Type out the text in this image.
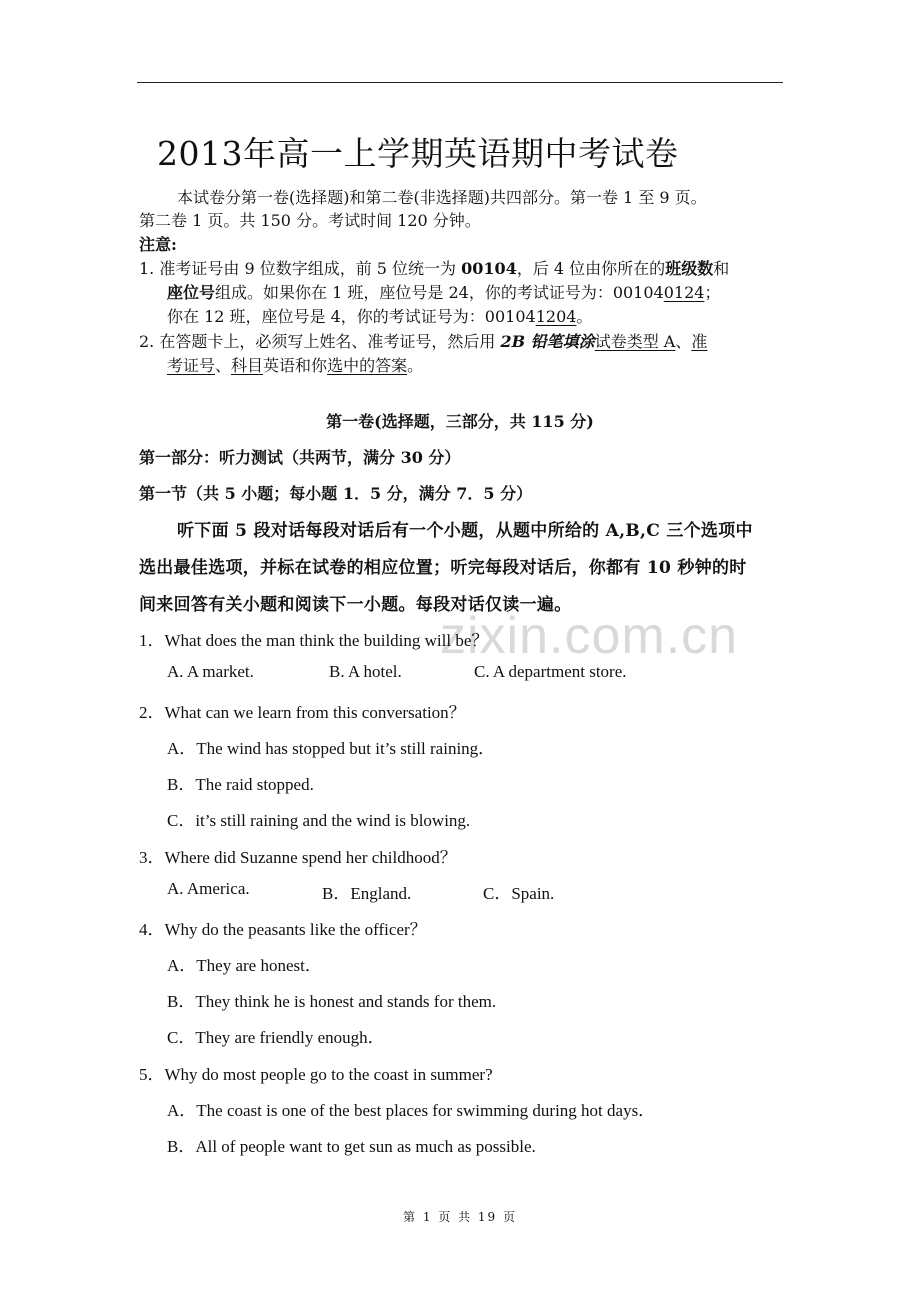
zixin.com.cn
2013年高一上学期英语期中考试卷
本试卷分第一卷(选择题)和第二卷(非选择题)共四部分。第一卷 1 至 9 页。
第二卷 1 页。共 150 分。考试时间 120 分钟。
注意:
1. 准考证号由 9 位数字组成，前 5 位统一为 00104，后 4 位由你所在的班级数和
座位号组成。如果你在 1 班，座位号是 24，你的考试证号为：001040124；
你在 12 班，座位号是 4，你的考试证号为：001041204。
2. 在答题卡上，必须写上姓名、准考证号，然后用 2B 铅笔填涂试卷类型 A、准
考证号、科目英语和你选中的答案。
第一卷(选择题，三部分，共 115 分)
第一部分：听力测试（共两节，满分 30 分）
第一节（共 5 小题；每小题 1．5 分，满分 7．5 分）
听下面 5 段对话每段对话后有一个小题，从题中所给的 A,B,C 三个选项中
选出最佳选项，并标在试卷的相应位置；听完每段对话后，你都有 10 秒钟的时
间来回答有关小题和阅读下一小题。每段对话仅读一遍。
1．What does the man think the building will be？
A. A market.	B. A hotel.	C. A department store.
2．What can we learn from this conversation？
A．The wind has stopped but it’s still raining．
B．The raid stopped.
C．it’s still raining and the wind is blowing.
3．Where did Suzanne spend her childhood？
A. America.	B．England.	C．Spain.
4．Why do the peasants like the officer？
A．They are honest．
B．They think he is honest and stands for them.
C．They are friendly enough．
5．Why do most people go to the coast in summer?
A．The coast is one of the best places for swimming during hot days．
B．All of people want to get sun as much as possible.
第 1 页 共 19 页
